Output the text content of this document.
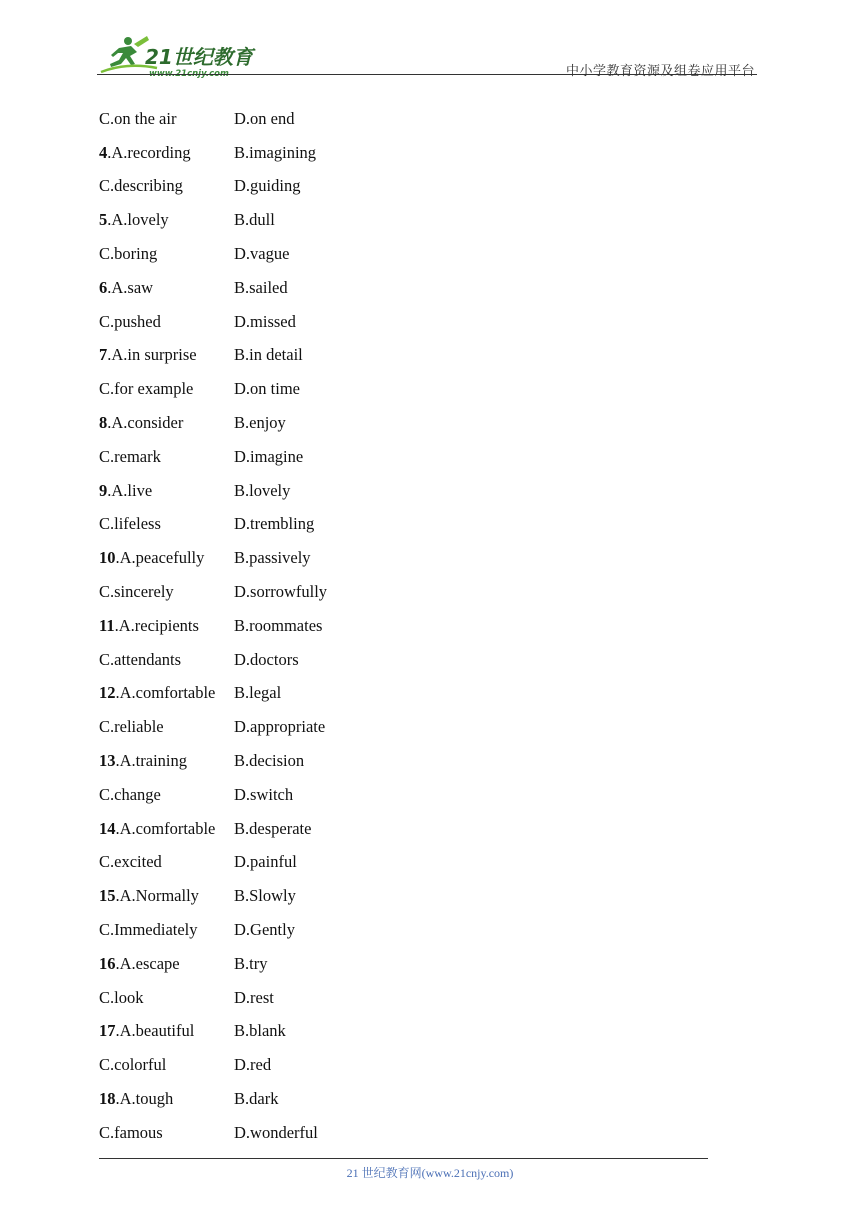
21世纪教育
www.21cnjy.com	中小学教育资源及组卷应用平台
C.on the air	D.on end
4.A.recording	B.imagining
C.describing	D.guiding
5.A.lovely	B.dull
C.boring	D.vague
6.A.saw	B.sailed
C.pushed	D.missed
7.A.in surprise	B.in detail
C.for example	D.on time
8.A.consider	B.enjoy
C.remark	D.imagine
9.A.live	B.lovely
C.lifeless	D.trembling
10.A.peacefully	B.passively
C.sincerely	D.sorrowfully
11.A.recipients	B.roommates
C.attendants	D.doctors
12.A.comfortable	B.legal
C.reliable	D.appropriate
13.A.training	B.decision
C.change	D.switch
14.A.comfortable	B.desperate
C.excited	D.painful
15.A.Normally	B.Slowly
C.Immediately	D.Gently
16.A.escape	B.try
C.look	D.rest
17.A.beautiful	B.blank
C.colorful	D.red
18.A.tough	B.dark
C.famous	D.wonderful
21 世纪教育网(www.21cnjy.com)
